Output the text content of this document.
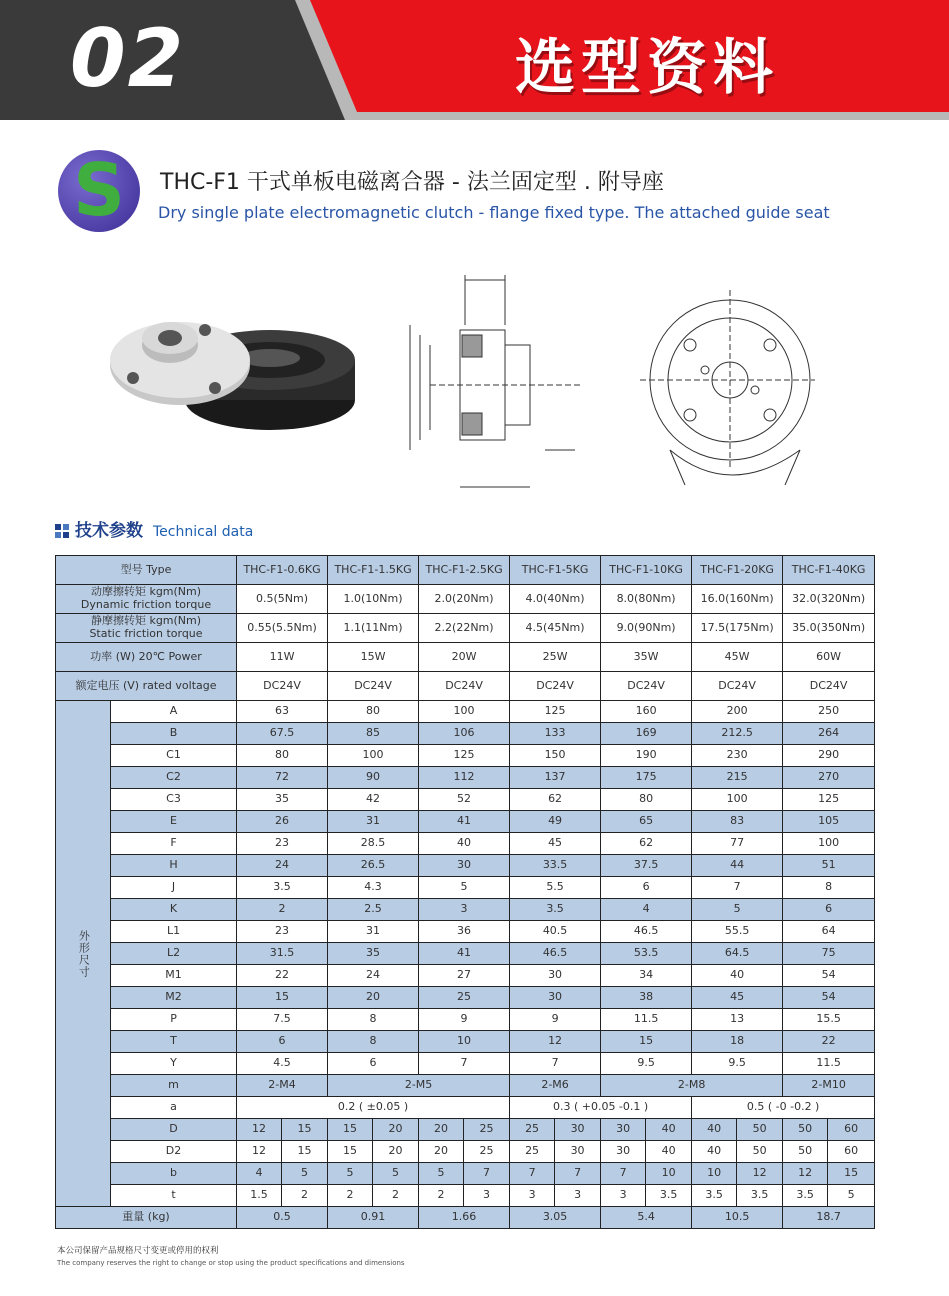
02	选型资料
S	THC-F1 干式单板电磁离合器 - 法兰固定型 . 附导座
Dry single plate electromagnetic clutch - flange fixed type. The attached guide seat
技术参数 Technical data
型号 Type		THC-F1-0.6KG		THC-F1-1.5KG		THC-F1-2.5KG		THC-F1-5KG		THC-F1-10KG		THC-F1-20KG		THC-F1-40KG	

动摩擦转矩 kgm(Nm)
Dynamic friction torque		0.5(5Nm)		1.0(10Nm)		2.0(20Nm)		4.0(40Nm)		8.0(80Nm)		16.0(160Nm)		32.0(320Nm)	

静摩擦转矩 kgm(Nm)
Static friction torque		0.55(5.5Nm)		1.1(11Nm)		2.2(22Nm)		4.5(45Nm)		9.0(90Nm)		17.5(175Nm)		35.0(350Nm)	
功率 (W) 20℃ Power		11W		15W		20W		25W		35W		45W		60W	
额定电压 (V) rated voltage		DC24V		DC24V		DC24V		DC24V		DC24V		DC24V		DC24V	
外形尺寸	A	63		80		100		125		160		200		250	
	B	67.5		85		106		133		169		212.5		264	
	C1	80		100		125		150		190		230		290	
	C2	72		90		112		137		175		215		270	
	C3	35		42		52		62		80		100		125	
	E	26		31		41		49		65		83		105	
	F	23		28.5		40		45		62		77		100	
	H	24		26.5		30		33.5		37.5		44		51	
	J	3.5		4.3		5		5.5		6		7		8	
	K	2		2.5		3		3.5		4		5		6	
	L1	23		31		36		40.5		46.5		55.5		64	
	L2	31.5		35		41		46.5		53.5		64.5		75	
	M1	22		24		27		30		34		40		54	
	M2	15		20		25		30		38		45		54	
	P	7.5		8		9		9		11.5		13		15.5	
	T	6		8		10		12		15		18		22	
	Y	4.5		6		7		7		9.5		9.5		11.5	
	m	2-M4		2-M5				2-M6		2-M8				2-M10	
	a	0.2 ( ±0.05 )						0.3 ( +0.05 -0.1 )				0.5 ( -0 -0.2 )			
	D	12	15	15	20	20	25	25	30	30	40	40	50	50	60
	D2	12	15	15	20	20	25	25	30	30	40	40	50	50	60
	b	4	5	5	5	5	7	7	7	7	10	10	12	12	15
	t	1.5	2	2	2	2	3	3	3	3	3.5	3.5	3.5	3.5	5
重量 (kg)		0.5		0.91		1.66		3.05		5.4		10.5		18.7	
本公司保留产品规格尺寸变更或停用的权利
The company reserves the right to change or stop using the product specifications and dimensions
